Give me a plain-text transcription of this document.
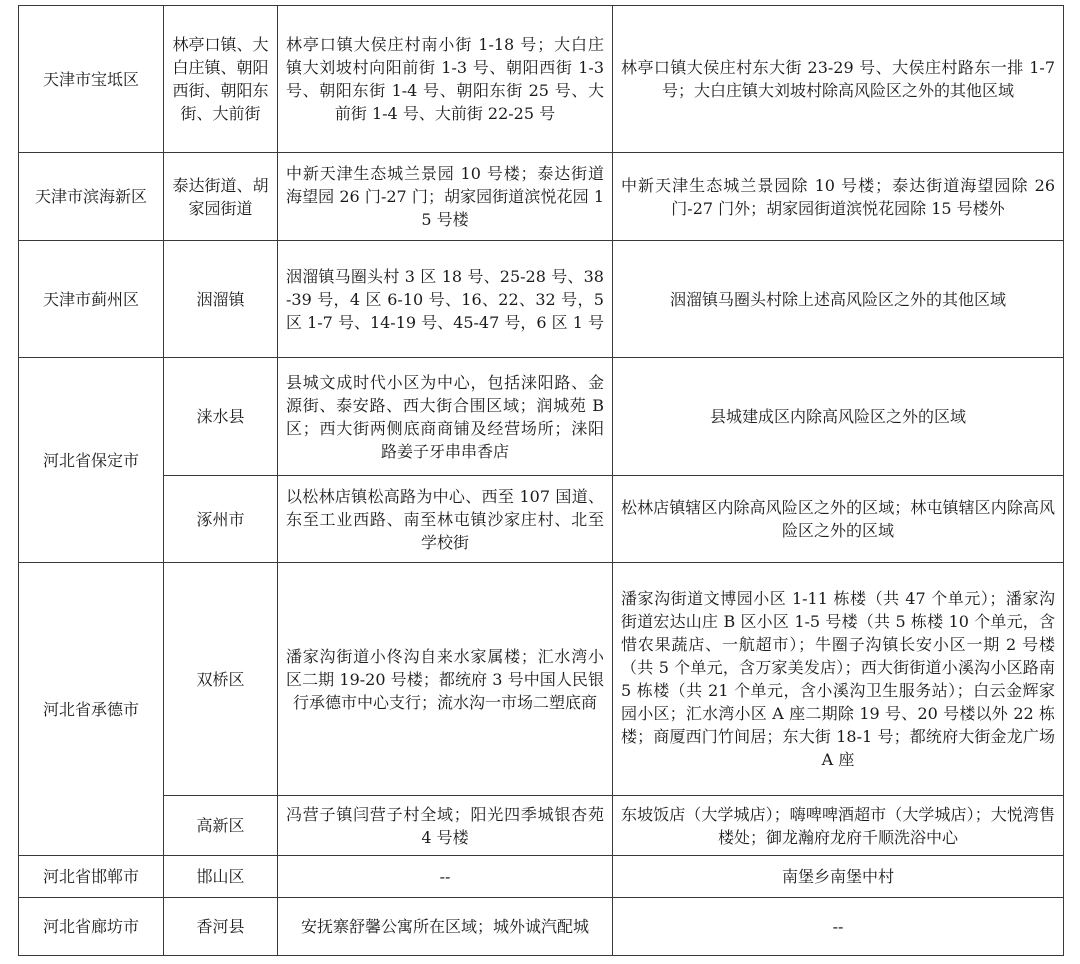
天津市宝坻区	林亭口镇、大白庄镇、朝阳西街、朝阳东街、大前街	林亭口镇大侯庄村南小街 1-18 号；大白庄镇大刘坡村向阳前街 1-3 号、朝阳西街 1-3 号、朝阳东街 1-4 号、朝阳东街 25 号、大前街 1-4 号、大前街 22-25 号	林亭口镇大侯庄村东大街 23-29 号、大侯庄村路东一排 1-7 号；大白庄镇大刘坡村除高风险区之外的其他区域
天津市滨海新区	泰达街道、胡家园街道	中新天津生态城兰景园 10 号楼；泰达街道海望园 26 门-27 门；胡家园街道滨悦花园 15 号楼	中新天津生态城兰景园除 10 号楼；泰达街道海望园除 26 门-27 门外；胡家园街道滨悦花园除 15 号楼外
天津市蓟州区	洇溜镇	洇溜镇马圈头村 3 区 18 号、25-28 号、38-39 号，4 区 6-10 号、16、22、32 号，5 区 1-7 号、14-19 号、45-47 号，6 区 1 号	洇溜镇马圈头村除上述高风险区之外的其他区域
河北省保定市	涞水县	县城文成时代小区为中心，包括涞阳路、金源街、泰安路、西大街合围区域；润城苑 B 区；西大街两侧底商商铺及经营场所；涞阳路姜子牙串串香店	县城建成区内除高风险区之外的区域
	涿州市	以松林店镇松高路为中心、西至 107 国道、东至工业西路、南至林屯镇沙家庄村、北至学校街	松林店镇辖区内除高风险区之外的区域；林屯镇辖区内除高风险区之外的区域
河北省承德市	双桥区	潘家沟街道小佟沟自来水家属楼；汇水湾小区二期 19-20 号楼；都统府 3 号中国人民银行承德市中心支行；流水沟一市场二塑底商	潘家沟街道文博园小区 1-11 栋楼（共 47 个单元）；潘家沟街道宏达山庄 B 区小区 1-5 号楼（共 5 栋楼 10 个单元，含惜农果蔬店、一航超市）；牛圈子沟镇长安小区一期 2 号楼（共 5 个单元，含万家美发店）；西大街街道小溪沟小区路南 5 栋楼（共 21 个单元，含小溪沟卫生服务站）；白云金辉家园小区；汇水湾小区 A 座二期除 19 号、20 号楼以外 22 栋楼；商厦西门竹间居；东大街 18-1 号；都统府大街金龙广场 A 座
	高新区	冯营子镇闫营子村全域；阳光四季城银杏苑 4 号楼	东坡饭店（大学城店）；嗨啤啤酒超市（大学城店）；大悦湾售楼处；御龙瀚府龙府千顺洗浴中心
河北省邯郸市	邯山区	--	南堡乡南堡中村
河北省廊坊市	香河县	安抚寨舒馨公寓所在区域；城外诚汽配城	--
